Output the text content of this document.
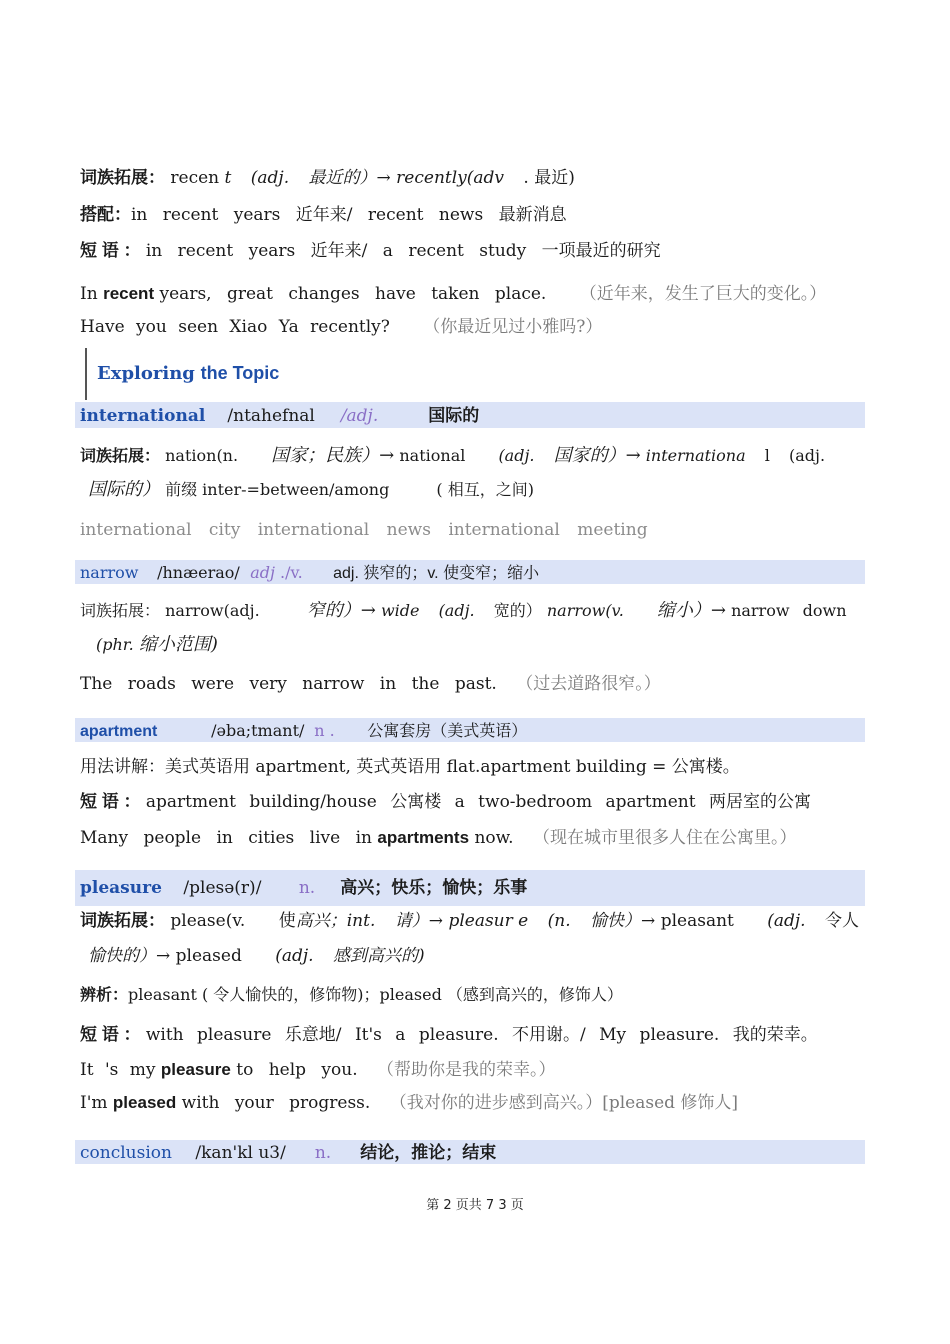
词族拓展： recen t (adj. 最近的）→ recently(adv . 最近)
搭配：in recent years 近年来/ recent news 最新消息
短 语 ： in recent years 近年来/ a recent study 一项最近的研究
In recent years, great changes have taken place. （近年来，发生了巨大的变化。）
Have you seen Xiao Ya recently? （你最近见过小雅吗?）
Exploring the Topic
international /ntahefnal /adj.	国际的
词族拓展： nation(n. 国家；民族）→ national (adj. 国家的）→ internationa l (adj.
国际的） 前缀 inter-=between/among	( 相互，之间)
international city international news international meeting
narrow /hnæerao/ adj ./v. adj. 狭窄的；v. 使变窄；缩小
词族拓展： narrow(adj.	窄的）→ wide (adj. 宽的） narrow(v. 缩小）→ narrow down
(phr. 缩小范围)
The roads were very narrow in the past. （过去道路很窄。）
apartment	/əba;tmant/ n . 公寓套房（美式英语）
用法讲解：美式英语用 apartment, 英式英语用 flat.apartment building = 公寓楼。
短 语 ： apartment building/house 公寓楼 a two-bedroom apartment 两居室的公寓
Many people in cities live in apartments now. （现在城市里很多人住在公寓里。）
pleasure /plesə(r)/ n. 高兴；快乐；愉快；乐事
词族拓展： please(v. 使高兴；int. 请）→ pleasur e (n. 愉快）→ pleasant (adj. 令人
愉快的）→ pleased (adj. 感到高兴的)
辨析：pleasant ( 令人愉快的，修饰物)；pleased （感到高兴的，修饰人）
短 语 ： with pleasure 乐意地/ It's a pleasure. 不用谢。/ My pleasure. 我的荣幸。
It 's my pleasure to help you. （帮助你是我的荣幸。）
I'm pleased with your progress. （我对你的进步感到高兴。）[pleased 修饰人]
conclusion /kan'kl u3/ n. 结论，推论；结束
第 2 页共 7 3 页
